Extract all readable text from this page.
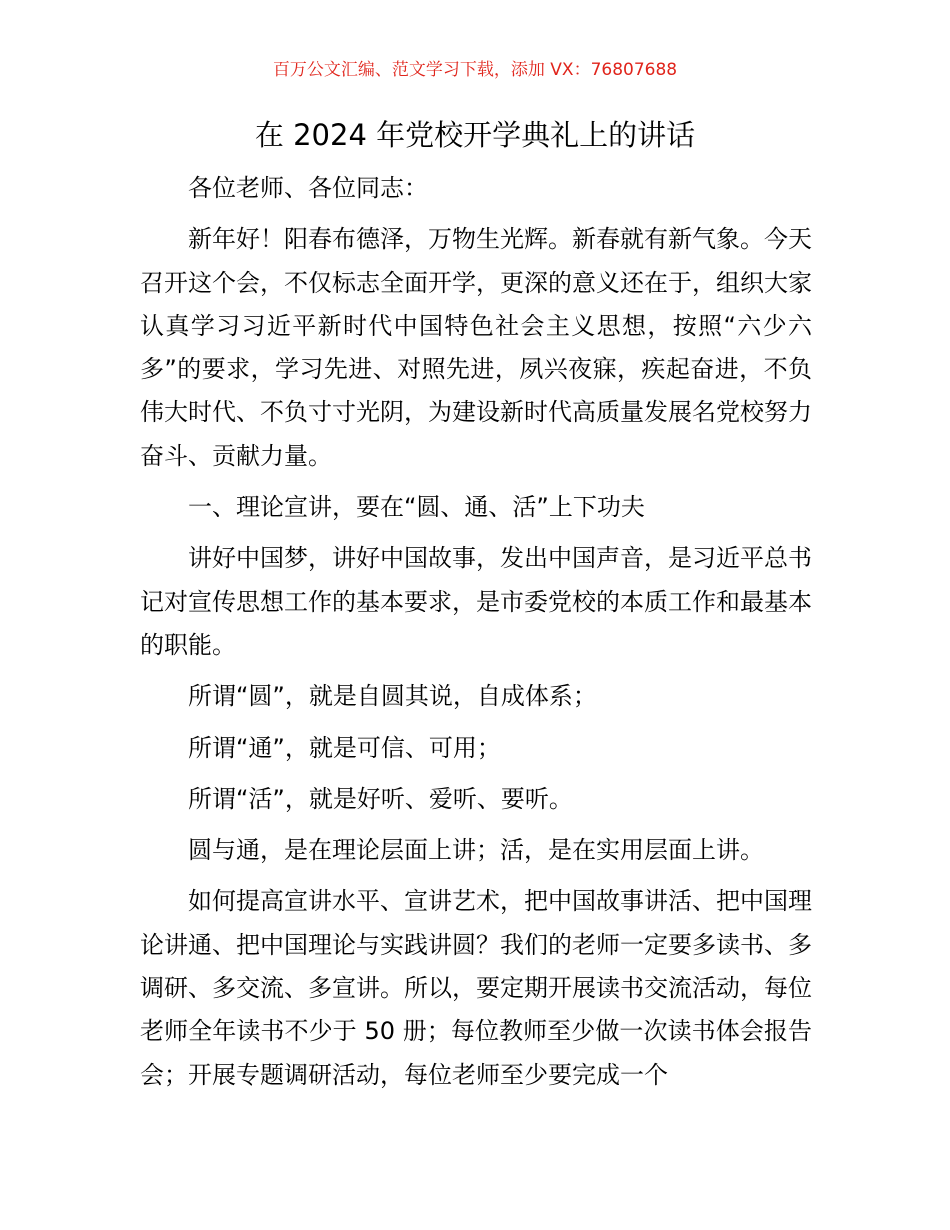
百万公文汇编、范文学习下载，添加 VX：76807688
在 2024 年党校开学典礼上的讲话

各位老师、各位同志：

新年好！阳春布德泽，万物生光辉。新春就有新气象。今天召开这个会，不仅标志全面开学，更深的意义还在于，组织大家认真学习习近平新时代中国特色社会主义思想，按照“六少六多”的要求，学习先进、对照先进，夙兴夜寐，疾起奋进，不负伟大时代、不负寸寸光阴，为建设新时代高质量发展名党校努力奋斗、贡献力量。

一、理论宣讲，要在“圆、通、活”上下功夫

讲好中国梦，讲好中国故事，发出中国声音，是习近平总书记对宣传思想工作的基本要求，是市委党校的本质工作和最基本的职能。

所谓“圆”，就是自圆其说，自成体系；

所谓“通”，就是可信、可用；

所谓“活”，就是好听、爱听、要听。

圆与通，是在理论层面上讲；活，是在实用层面上讲。

如何提高宣讲水平、宣讲艺术，把中国故事讲活、把中国理论讲通、把中国理论与实践讲圆？我们的老师一定要多读书、多调研、多交流、多宣讲。所以，要定期开展读书交流活动，每位老师全年读书不少于 50 册；每位教师至少做一次读书体会报告会；开展专题调研活动，每位老师至少要完成一个
